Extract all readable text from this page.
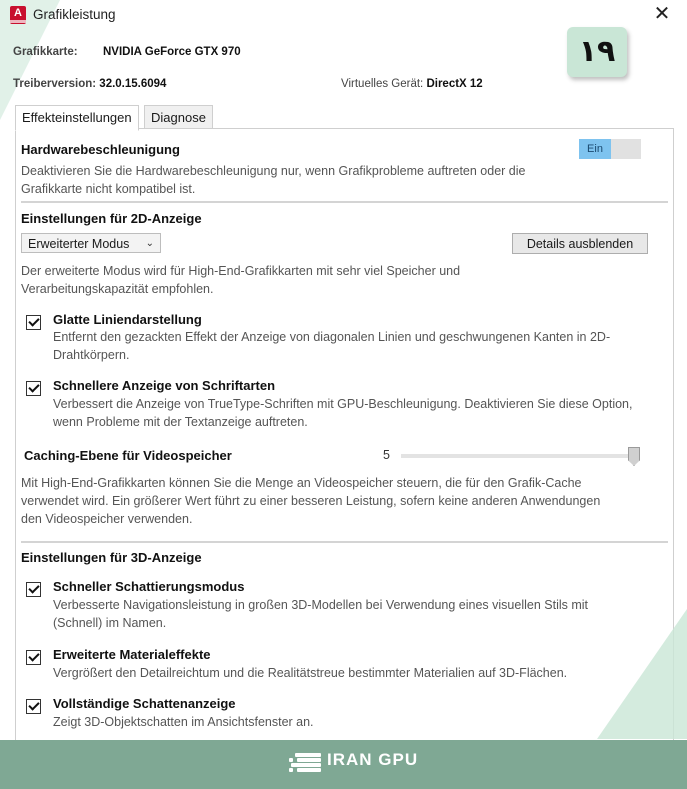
A Grafikleistung	✕
Grafikkarte: NVIDIA GeForce GTX 970
Treiberversion: 32.0.15.6094	Virtuelles Gerät: DirectX 12
۱۹
Effekteinstellungen	Diagnose
Hardwarebeschleunigung	Ein
Deaktivieren Sie die Hardwarebeschleunigung nur, wenn Grafikprobleme auftreten oder die
Grafikkarte nicht kompatibel ist.
Einstellungen für 2D-Anzeige
Erweiterter Modus ⌄	Details ausblenden
Der erweiterte Modus wird für High-End-Grafikkarten mit sehr viel Speicher und
Verarbeitungskapazität empfohlen.
Glatte Liniendarstellung
Entfernt den gezackten Effekt der Anzeige von diagonalen Linien und geschwungenen Kanten in 2D-
Drahtkörpern.
Schnellere Anzeige von Schriftarten
Verbessert die Anzeige von TrueType-Schriften mit GPU-Beschleunigung. Deaktivieren Sie diese Option,
wenn Probleme mit der Textanzeige auftreten.
Caching-Ebene für Videospeicher	5
Mit High-End-Grafikkarten können Sie die Menge an Videospeicher steuern, die für den Grafik-Cache
verwendet wird. Ein größerer Wert führt zu einer besseren Leistung, sofern keine anderen Anwendungen
den Videospeicher verwenden.
Einstellungen für 3D-Anzeige
Schneller Schattierungsmodus
Verbesserte Navigationsleistung in großen 3D-Modellen bei Verwendung eines visuellen Stils mit
(Schnell) im Namen.
Erweiterte Materialeffekte
Vergrößert den Detailreichtum und die Realitätstreue bestimmter Materialien auf 3D-Flächen.
Vollständige Schattenanzeige
Zeigt 3D-Objektschatten im Ansichtsfenster an.
IRAN GPU
